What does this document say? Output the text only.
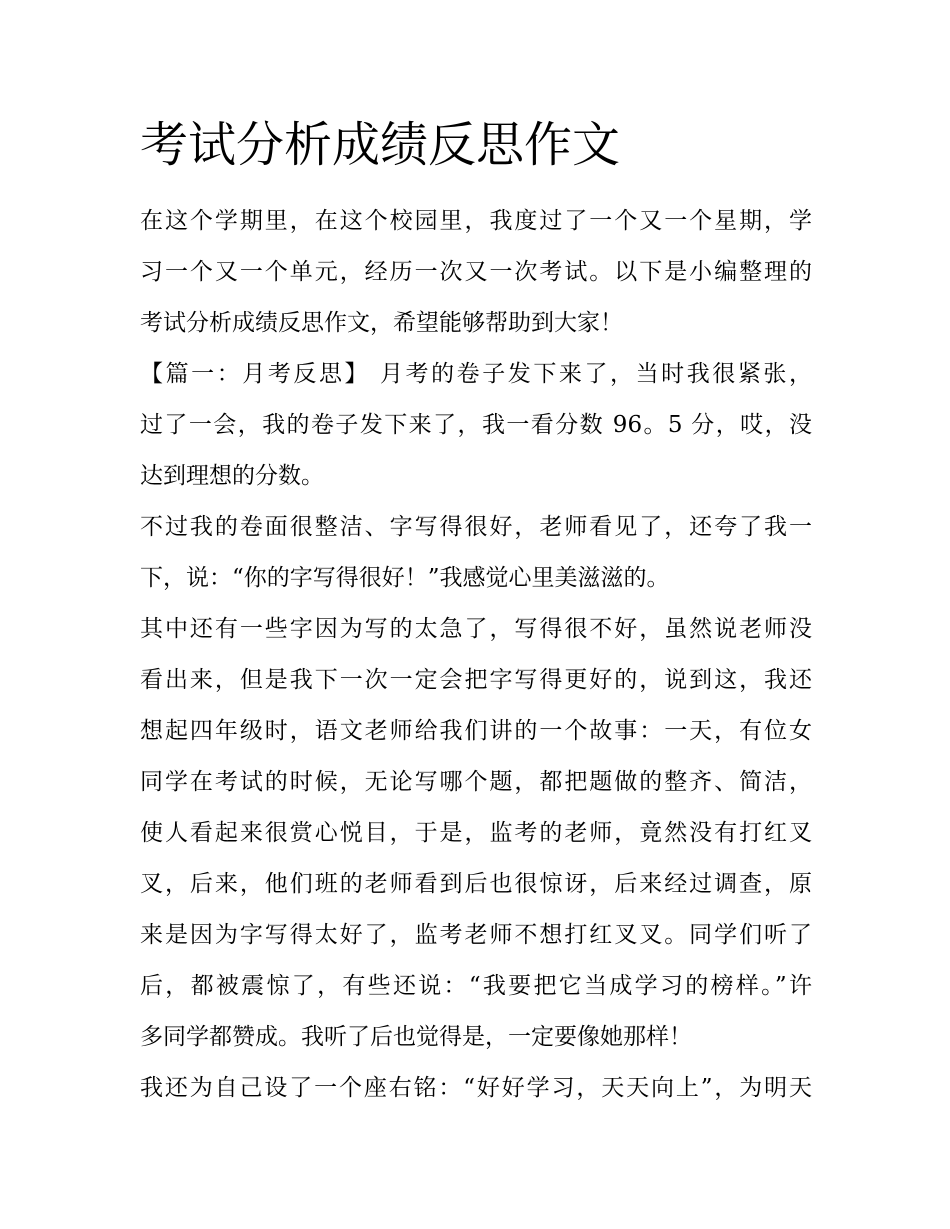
考试分析成绩反思作文
在这个学期里，在这个校园里，我度过了一个又一个星期，学
习一个又一个单元，经历一次又一次考试。以下是小编整理的
考试分析成绩反思作文，希望能够帮助到大家！
【篇一：月考反思】 月考的卷子发下来了，当时我很紧张，
过了一会，我的卷子发下来了，我一看分数 96。5 分，哎，没
达到理想的分数。
不过我的卷面很整洁、字写得很好，老师看见了，还夸了我一
下，说：“你的字写得很好！”我感觉心里美滋滋的。
其中还有一些字因为写的太急了，写得很不好，虽然说老师没
看出来，但是我下一次一定会把字写得更好的，说到这，我还
想起四年级时，语文老师给我们讲的一个故事：一天，有位女
同学在考试的时候，无论写哪个题，都把题做的整齐、简洁，
使人看起来很赏心悦目，于是，监考的老师，竟然没有打红叉
叉，后来，他们班的老师看到后也很惊讶，后来经过调查，原
来是因为字写得太好了，监考老师不想打红叉叉。同学们听了
后，都被震惊了，有些还说：“我要把它当成学习的榜样。”许
多同学都赞成。我听了后也觉得是，一定要像她那样！
我还为自己设了一个座右铭：“好好学习，天天向上”，为明天
